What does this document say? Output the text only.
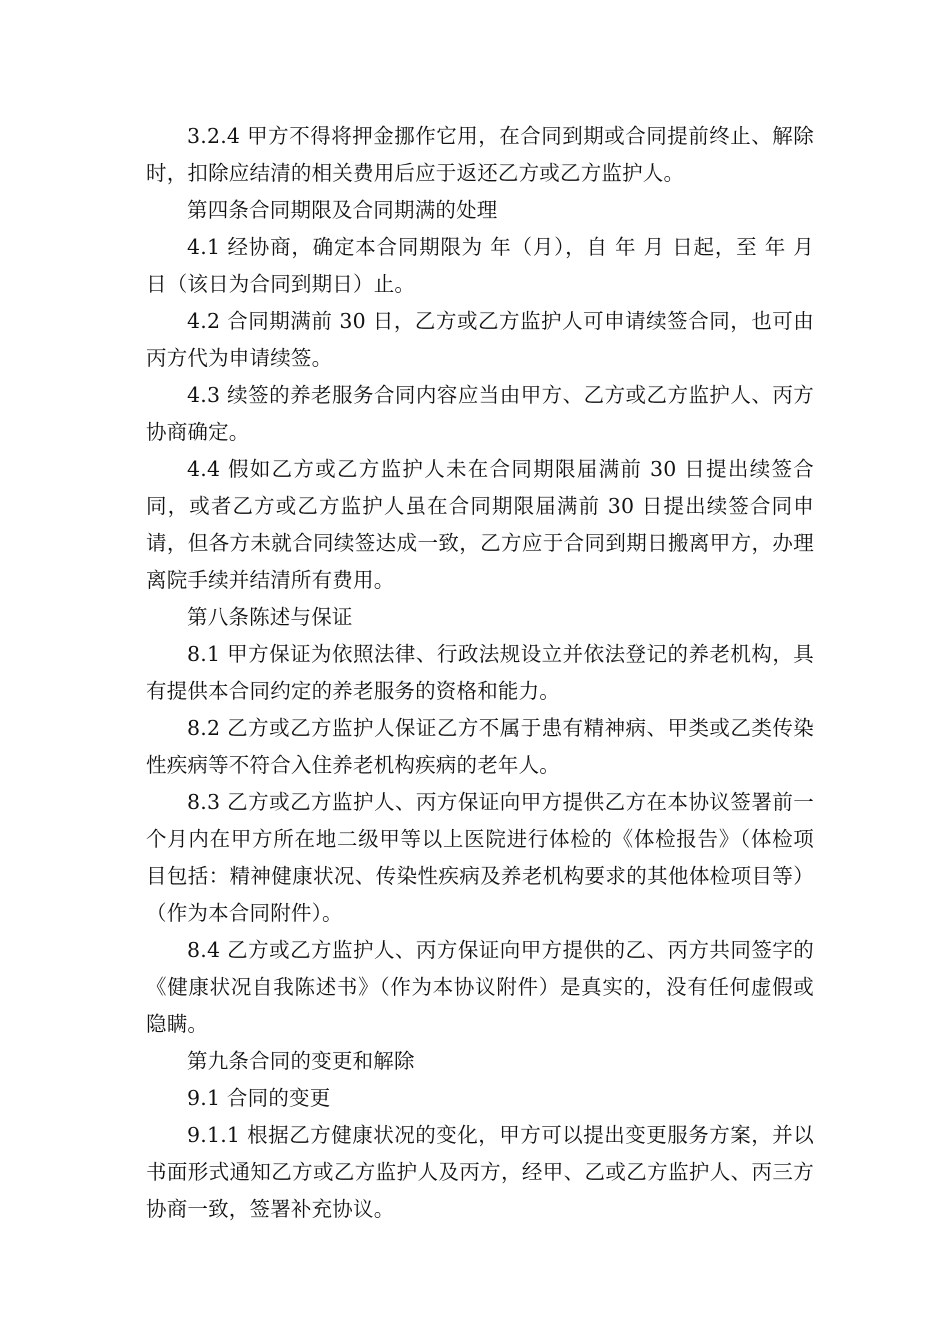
3.2.4 甲方不得将押金挪作它用，在合同到期或合同提前终止、解除时，扣除应结清的相关费用后应于返还乙方或乙方监护人。

第四条合同期限及合同期满的处理

4.1 经协商，确定本合同期限为 年（月），自 年 月 日起，至 年 月 日（该日为合同到期日）止。

4.2 合同期满前 30 日，乙方或乙方监护人可申请续签合同，也可由丙方代为申请续签。

4.3 续签的养老服务合同内容应当由甲方、乙方或乙方监护人、丙方协商确定。

4.4 假如乙方或乙方监护人未在合同期限届满前 30 日提出续签合同，或者乙方或乙方监护人虽在合同期限届满前 30 日提出续签合同申请，但各方未就合同续签达成一致，乙方应于合同到期日搬离甲方，办理离院手续并结清所有费用。

第八条陈述与保证

8.1 甲方保证为依照法律、行政法规设立并依法登记的养老机构，具有提供本合同约定的养老服务的资格和能力。

8.2 乙方或乙方监护人保证乙方不属于患有精神病、甲类或乙类传染性疾病等不符合入住养老机构疾病的老年人。

8.3 乙方或乙方监护人、丙方保证向甲方提供乙方在本协议签署前一个月内在甲方所在地二级甲等以上医院进行体检的《体检报告》（体检项目包括：精神健康状况、传染性疾病及养老机构要求的其他体检项目等）（作为本合同附件）。

8.4 乙方或乙方监护人、丙方保证向甲方提供的乙、丙方共同签字的《健康状况自我陈述书》（作为本协议附件）是真实的，没有任何虚假或隐瞒。

第九条合同的变更和解除

9.1 合同的变更

9.1.1 根据乙方健康状况的变化，甲方可以提出变更服务方案，并以书面形式通知乙方或乙方监护人及丙方，经甲、乙或乙方监护人、丙三方协商一致，签署补充协议。
